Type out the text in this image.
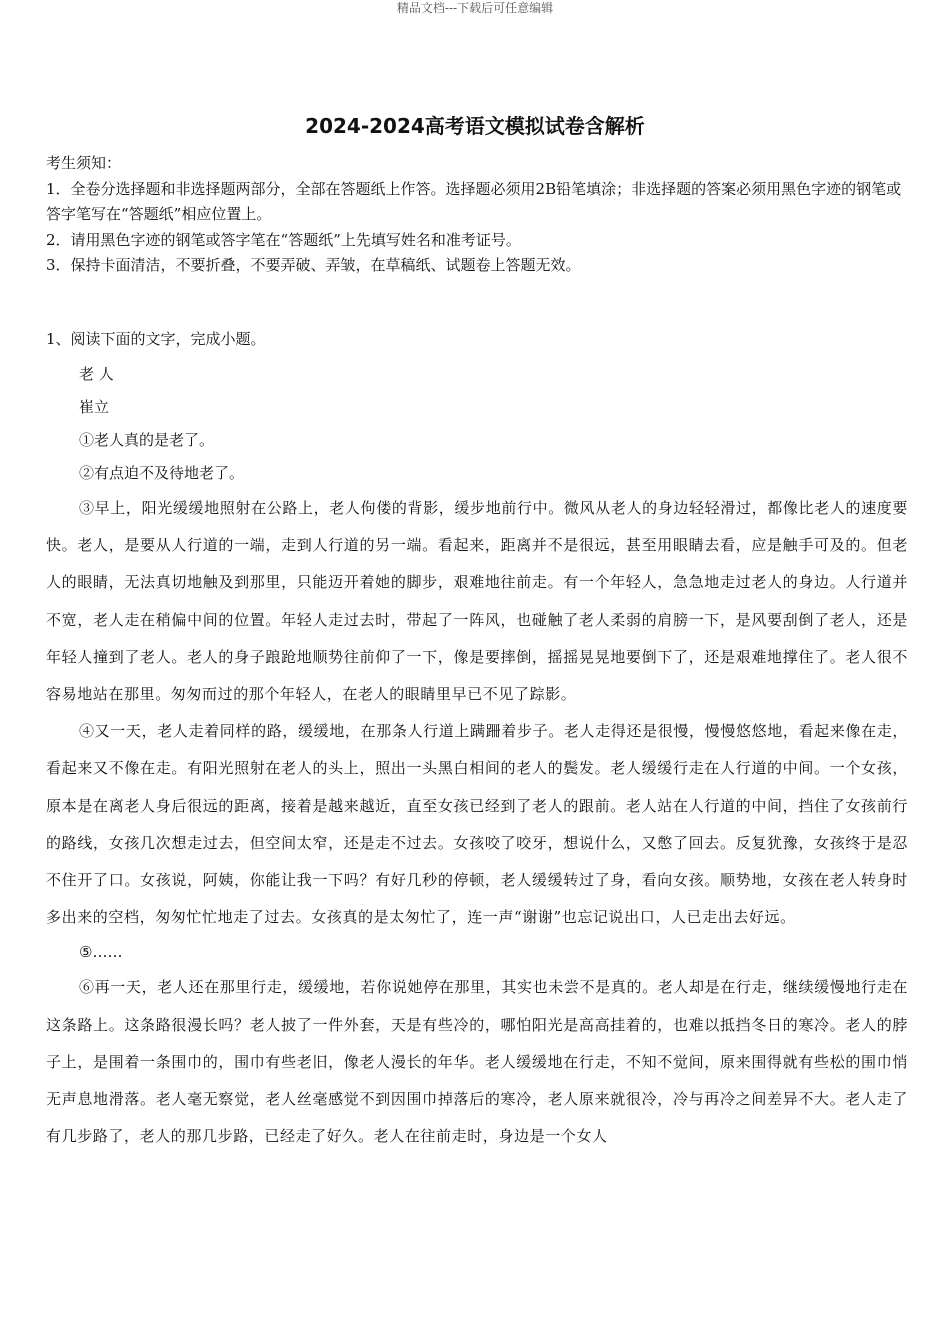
精品文档---下载后可任意编辑
2024-2024高考语文模拟试卷含解析

考生须知：

1．全卷分选择题和非选择题两部分，全部在答题纸上作答。选择题必须用2B铅笔填涂；非选择题的答案必须用黑色字迹的钢笔或答字笔写在“答题纸”相应位置上。

2．请用黑色字迹的钢笔或答字笔在“答题纸”上先填写姓名和准考证号。

3．保持卡面清洁，不要折叠，不要弄破、弄皱，在草稿纸、试题卷上答题无效。

1、阅读下面的文字，完成小题。

老 人

崔立

①老人真的是老了。

②有点迫不及待地老了。

③早上，阳光缓缓地照射在公路上，老人佝偻的背影，缓步地前行中。微风从老人的身边轻轻滑过，都像比老人的速度要快。老人，是要从人行道的一端，走到人行道的另一端。看起来，距离并不是很远，甚至用眼睛去看，应是触手可及的。但老人的眼睛，无法真切地触及到那里，只能迈开着她的脚步，艰难地往前走。有一个年轻人，急急地走过老人的身边。人行道并不宽，老人走在稍偏中间的位置。年轻人走过去时，带起了一阵风，也碰触了老人柔弱的肩膀一下，是风要刮倒了老人，还是年轻人撞到了老人。老人的身子踉跄地顺势往前仰了一下，像是要摔倒，摇摇晃晃地要倒下了，还是艰难地撑住了。老人很不容易地站在那里。匆匆而过的那个年轻人，在老人的眼睛里早已不见了踪影。

④又一天，老人走着同样的路，缓缓地，在那条人行道上蹒跚着步子。老人走得还是很慢，慢慢悠悠地，看起来像在走，看起来又不像在走。有阳光照射在老人的头上，照出一头黑白相间的老人的鬓发。老人缓缓行走在人行道的中间。一个女孩，原本是在离老人身后很远的距离，接着是越来越近，直至女孩已经到了老人的跟前。老人站在人行道的中间，挡住了女孩前行的路线，女孩几次想走过去，但空间太窄，还是走不过去。女孩咬了咬牙，想说什么，又憋了回去。反复犹豫，女孩终于是忍不住开了口。女孩说，阿姨，你能让我一下吗？有好几秒的停顿，老人缓缓转过了身，看向女孩。顺势地，女孩在老人转身时多出来的空档，匆匆忙忙地走了过去。女孩真的是太匆忙了，连一声“谢谢”也忘记说出口，人已走出去好远。

⑤……

⑥再一天，老人还在那里行走，缓缓地，若你说她停在那里，其实也未尝不是真的。老人却是在行走，继续缓慢地行走在这条路上。这条路很漫长吗？老人披了一件外套，天是有些冷的，哪怕阳光是高高挂着的，也难以抵挡冬日的寒冷。老人的脖子上，是围着一条围巾的，围巾有些老旧，像老人漫长的年华。老人缓缓地在行走，不知不觉间，原来围得就有些松的围巾悄无声息地滑落。老人毫无察觉，老人丝毫感觉不到因围巾掉落后的寒冷，老人原来就很冷，冷与再冷之间差异不大。老人走了有几步路了，老人的那几步路，已经走了好久。老人在往前走时，身边是一个女人
